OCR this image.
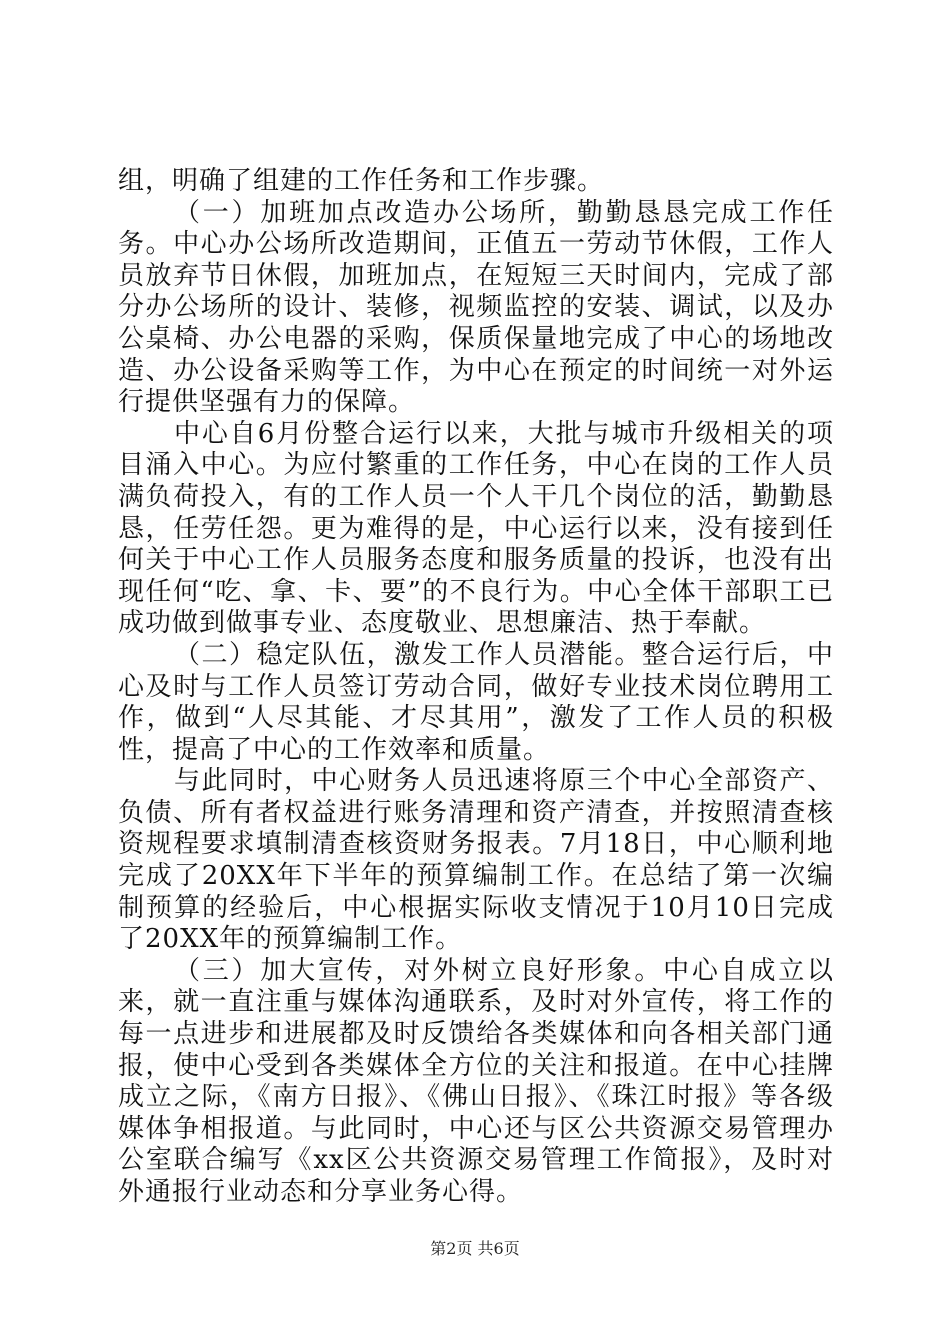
组，明确了组建的工作任务和工作步骤。

（一）加班加点改造办公场所，勤勤恳恳完成工作任务。中心办公场所改造期间，正值五一劳动节休假，工作人员放弃节日休假，加班加点，在短短三天时间内，完成了部分办公场所的设计、装修，视频监控的安装、调试，以及办公桌椅、办公电器的采购，保质保量地完成了中心的场地改造、办公设备采购等工作，为中心在预定的时间统一对外运行提供坚强有力的保障。

中心自6月份整合运行以来，大批与城市升级相关的项目涌入中心。为应付繁重的工作任务，中心在岗的工作人员满负荷投入，有的工作人员一个人干几个岗位的活，勤勤恳恳，任劳任怨。更为难得的是，中心运行以来，没有接到任何关于中心工作人员服务态度和服务质量的投诉，也没有出现任何“吃、拿、卡、要”的不良行为。中心全体干部职工已成功做到做事专业、态度敬业、思想廉洁、热于奉献。

（二）稳定队伍，激发工作人员潜能。整合运行后，中心及时与工作人员签订劳动合同，做好专业技术岗位聘用工作，做到“人尽其能、才尽其用”，激发了工作人员的积极性，提高了中心的工作效率和质量。

与此同时，中心财务人员迅速将原三个中心全部资产、负债、所有者权益进行账务清理和资产清查，并按照清查核资规程要求填制清查核资财务报表。7月18日，中心顺利地完成了20XX年下半年的预算编制工作。在总结了第一次编制预算的经验后，中心根据实际收支情况于10月10日完成了20XX年的预算编制工作。

（三）加大宣传，对外树立良好形象。中心自成立以来，就一直注重与媒体沟通联系，及时对外宣传，将工作的每一点进步和进展都及时反馈给各类媒体和向各相关部门通报，使中心受到各类媒体全方位的关注和报道。在中心挂牌成立之际，《南方日报》、《佛山日报》、《珠江时报》等各级媒体争相报道。与此同时，中心还与区公共资源交易管理办公室联合编写《xx区公共资源交易管理工作简报》，及时对外通报行业动态和分享业务心得。

第2页 共6页
